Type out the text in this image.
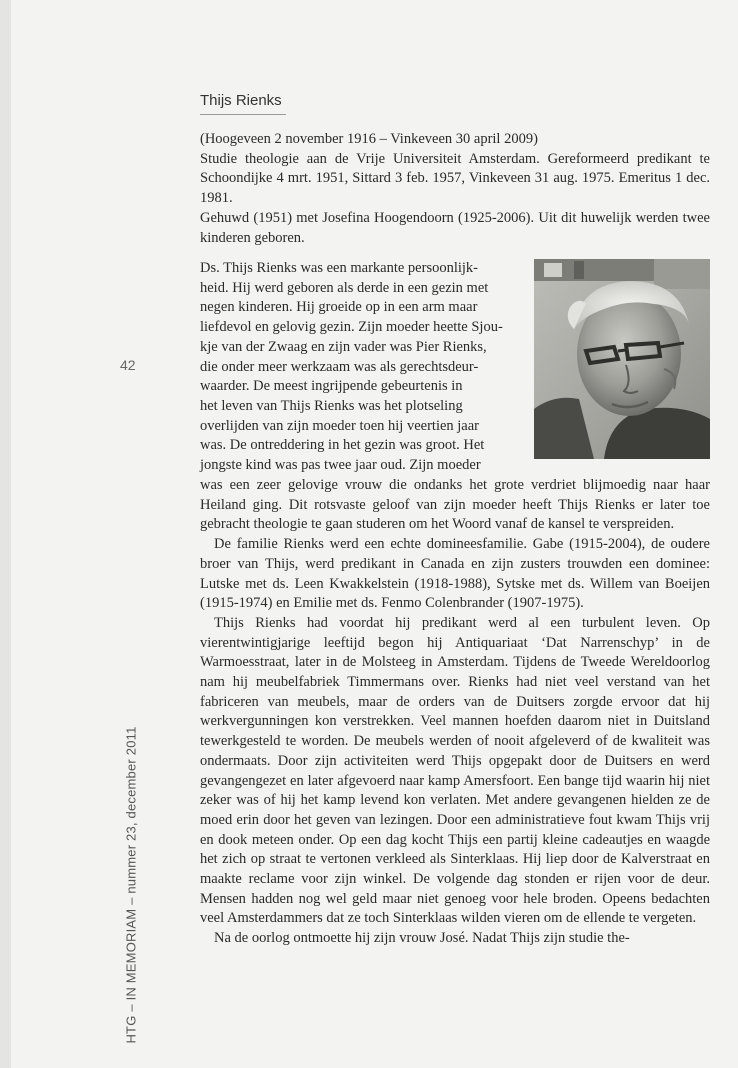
42
HTG – IN MEMORIAM – nummer 23, december 2011
Thijs Rienks

(Hoogeveen 2 november 1916 – Vinkeveen 30 april 2009)

Studie theologie aan de Vrije Universiteit Amsterdam. Gereformeerd predikant te Schoondijke 4 mrt. 1951, Sittard 3 feb. 1957, Vinkeveen 31 aug. 1975. Emeritus 1 dec. 1981.

Gehuwd (1951) met Josefina Hoogendoorn (1925-2006). Uit dit huwelijk werden twee kinderen geboren.

Ds. Thijs Rienks was een markante persoonlijk-
heid. Hij werd geboren als derde in een gezin met
negen kinderen. Hij groeide op in een arm maar
liefdevol en gelovig gezin. Zijn moeder heette Sjou-
kje van der Zwaag en zijn vader was Pier Rienks,
die onder meer werkzaam was als gerechtsdeur-
waarder. De meest ingrijpende gebeurtenis in
het leven van Thijs Rienks was het plotseling
overlijden van zijn moeder toen hij veertien jaar
was. De ontreddering in het gezin was groot. Het
jongste kind was pas twee jaar oud. Zijn moeder

was een zeer gelovige vrouw die ondanks het grote verdriet blijmoedig naar haar Heiland ging. Dit rotsvaste geloof van zijn moeder heeft Thijs Rienks er later toe gebracht theologie te gaan studeren om het Woord vanaf de kansel te verspreiden.

De familie Rienks werd een echte domineesfamilie. Gabe (1915-2004), de oudere broer van Thijs, werd predikant in Canada en zijn zusters trouwden een dominee: Lutske met ds. Leen Kwakkelstein (1918-1988), Sytske met ds. Willem van Boeijen (1915-1974) en Emilie met ds. Fenmo Colenbrander (1907-1975).

Thijs Rienks had voordat hij predikant werd al een turbulent leven. Op vierentwintigjarige leeftijd begon hij Antiquariaat ‘Dat Narrenschyp’ in de Warmoesstraat, later in de Molsteeg in Amsterdam. Tijdens de Tweede Wereldoorlog nam hij meubelfabriek Timmermans over. Rienks had niet veel verstand van het fabriceren van meubels, maar de orders van de Duitsers zorgde ervoor dat hij werkvergunningen kon verstrekken. Veel mannen hoefden daarom niet in Duitsland tewerkgesteld te worden. De meubels werden of nooit afgeleverd of de kwaliteit was ondermaats. Door zijn activiteiten werd Thijs opgepakt door de Duitsers en werd gevangengezet en later afgevoerd naar kamp Amersfoort. Een bange tijd waarin hij niet zeker was of hij het kamp levend kon verlaten. Met andere gevangenen hielden ze de moed erin door het geven van lezingen. Door een administratieve fout kwam Thijs vrij en dook meteen onder. Op een dag kocht Thijs een partij kleine cadeautjes en waagde het zich op straat te vertonen verkleed als Sinterklaas. Hij liep door de Kalverstraat en maakte reclame voor zijn winkel. De volgende dag stonden er rijen voor de deur. Mensen hadden nog wel geld maar niet genoeg voor hele broden. Opeens bedachten veel Amsterdammers dat ze toch Sinterklaas wilden vieren om de ellende te vergeten.

Na de oorlog ontmoette hij zijn vrouw José. Nadat Thijs zijn studie the-
